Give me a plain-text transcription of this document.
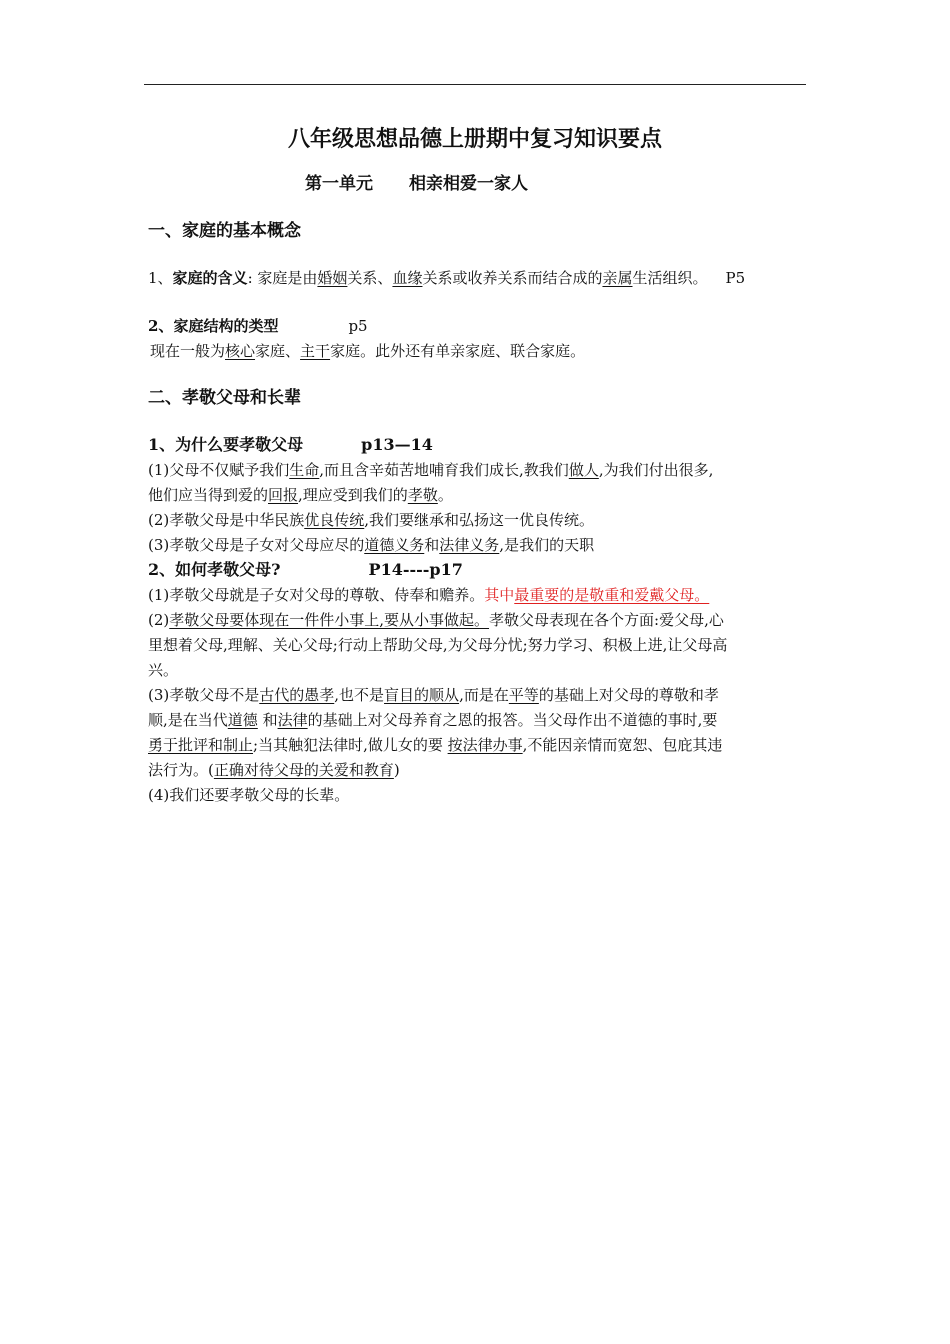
八年级思想品德上册期中复习知识要点
第一单元 相亲相爱一家人
一、家庭的基本概念
1、家庭的含义: 家庭是由婚姻关系、血缘关系或收养关系而结合成的亲属生活组织。 P5
2、家庭结构的类型	p5
现在一般为核心家庭、主干家庭。此外还有单亲家庭、联合家庭。
二、孝敬父母和长辈
1、为什么要孝敬父母	p13—14
(1)父母不仅赋予我们生命,而且含辛茹苦地哺育我们成长,教我们做人,为我们付出很多,
他们应当得到爱的回报,理应受到我们的孝敬。
(2)孝敬父母是中华民族优良传统,我们要继承和弘扬这一优良传统。
(3)孝敬父母是子女对父母应尽的道德义务和法律义务,是我们的天职
2、如何孝敬父母?	P14----p17
(1)孝敬父母就是子女对父母的尊敬、侍奉和赡养。其中最重要的是敬重和爱戴父母。
(2)孝敬父母要体现在一件件小事上,要从小事做起。孝敬父母表现在各个方面:爱父母,心
里想着父母,理解、关心父母;行动上帮助父母,为父母分忧;努力学习、积极上进,让父母高
兴。
(3)孝敬父母不是古代的愚孝,也不是盲目的顺从,而是在平等的基础上对父母的尊敬和孝
顺,是在当代道德 和法律的基础上对父母养育之恩的报答。当父母作出不道德的事时,要
勇于批评和制止;当其触犯法律时,做儿女的要 按法律办事,不能因亲情而宽恕、包庇其违
法行为。(正确对待父母的关爱和教育)
(4)我们还要孝敬父母的长辈。
